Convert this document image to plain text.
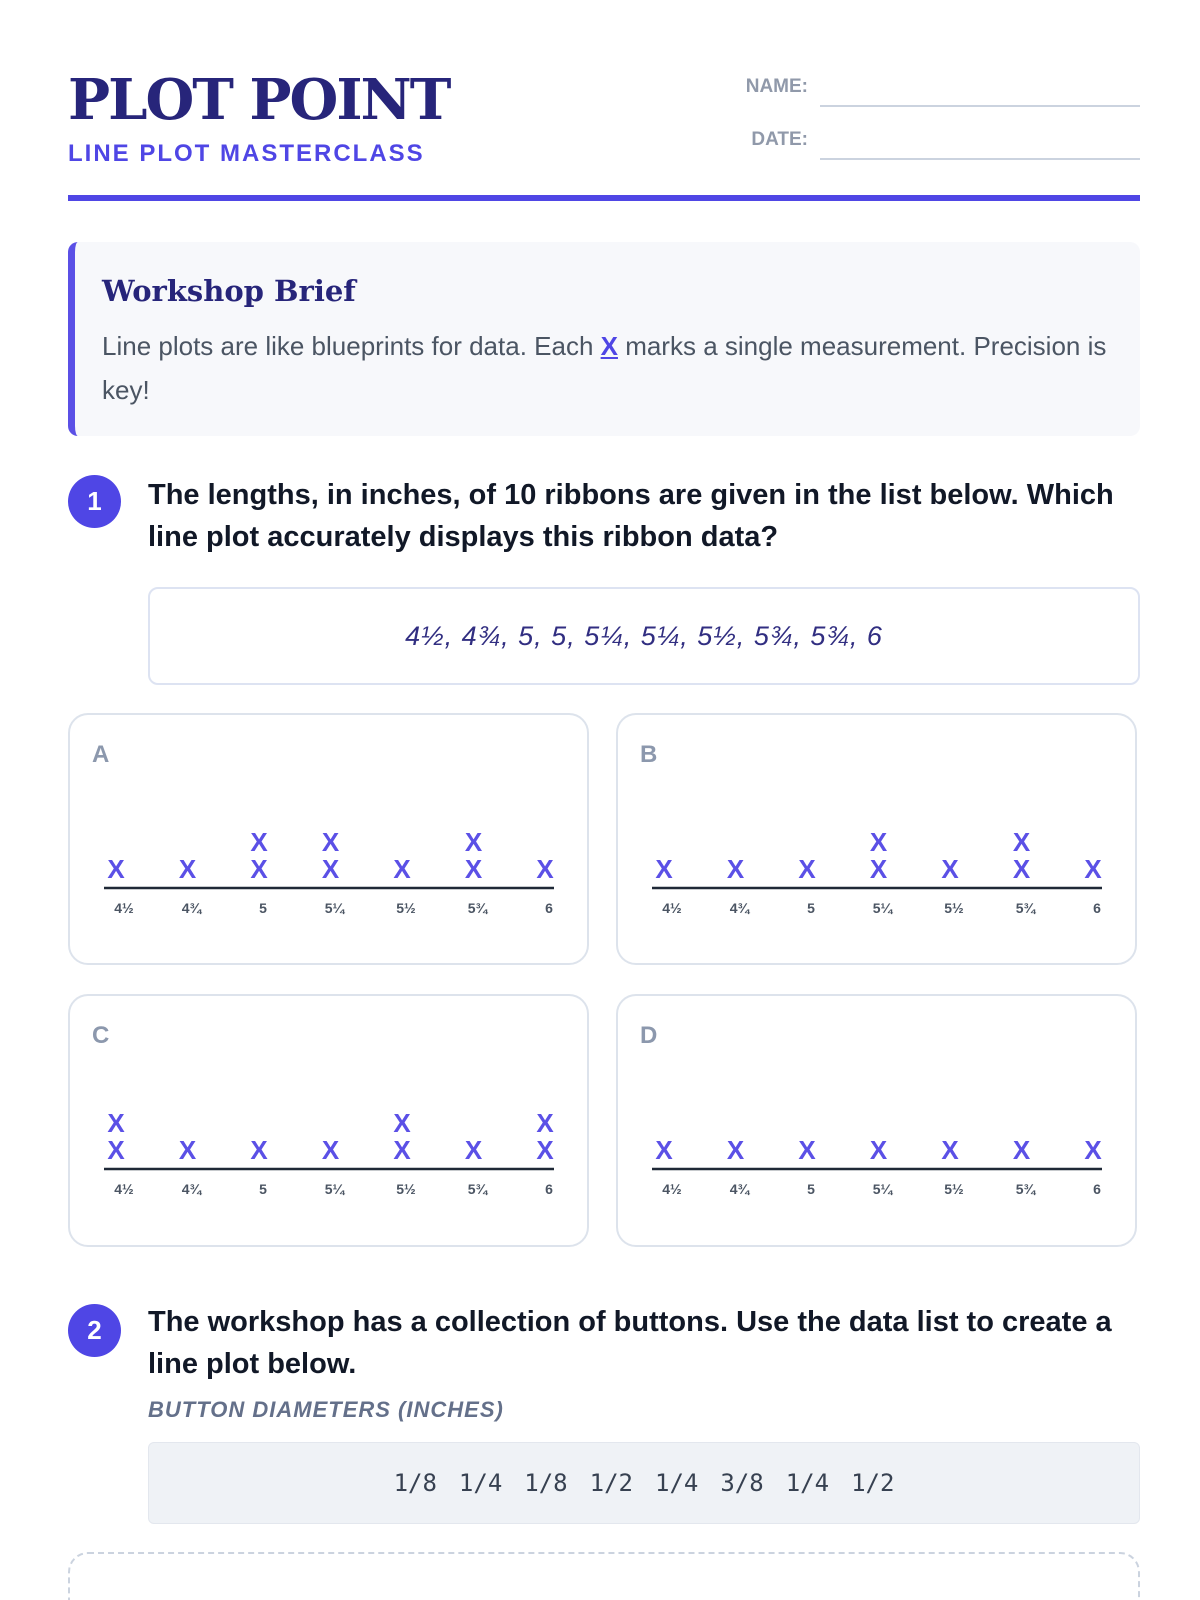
PLOT POINT
LINE PLOT MASTERCLASS
NAME:
DATE:
Workshop Brief
Line plots are like blueprints for data. Each X marks a single measurement. Precision is key!
1	The lengths, in inches, of 10 ribbons are given in the list below. Which line plot accurately displays this ribbon data?
4½, 4¾, 5, 5, 5¼, 5¼, 5½, 5¾, 5¾, 6
A
4½
X
4¾
X
5
X
X
5¼
X
X
5½
X
5¾
X
X
6
X
B
4½
X
4¾
X
5
X
5¼
X
X
5½
X
5¾
X
X
6
X
C
4½
X
X
4¾
X
5
X
5¼
X
5½
X
X
5¾
X
6
X
X
D
4½
X
4¾
X
5
X
5¼
X
5½
X
5¾
X
6
X
2	The workshop has a collection of buttons. Use the data list to create a line plot below.
BUTTON DIAMETERS (INCHES)
1/8 1/4 1/8 1/2 1/4 3/8 1/4 1/2
